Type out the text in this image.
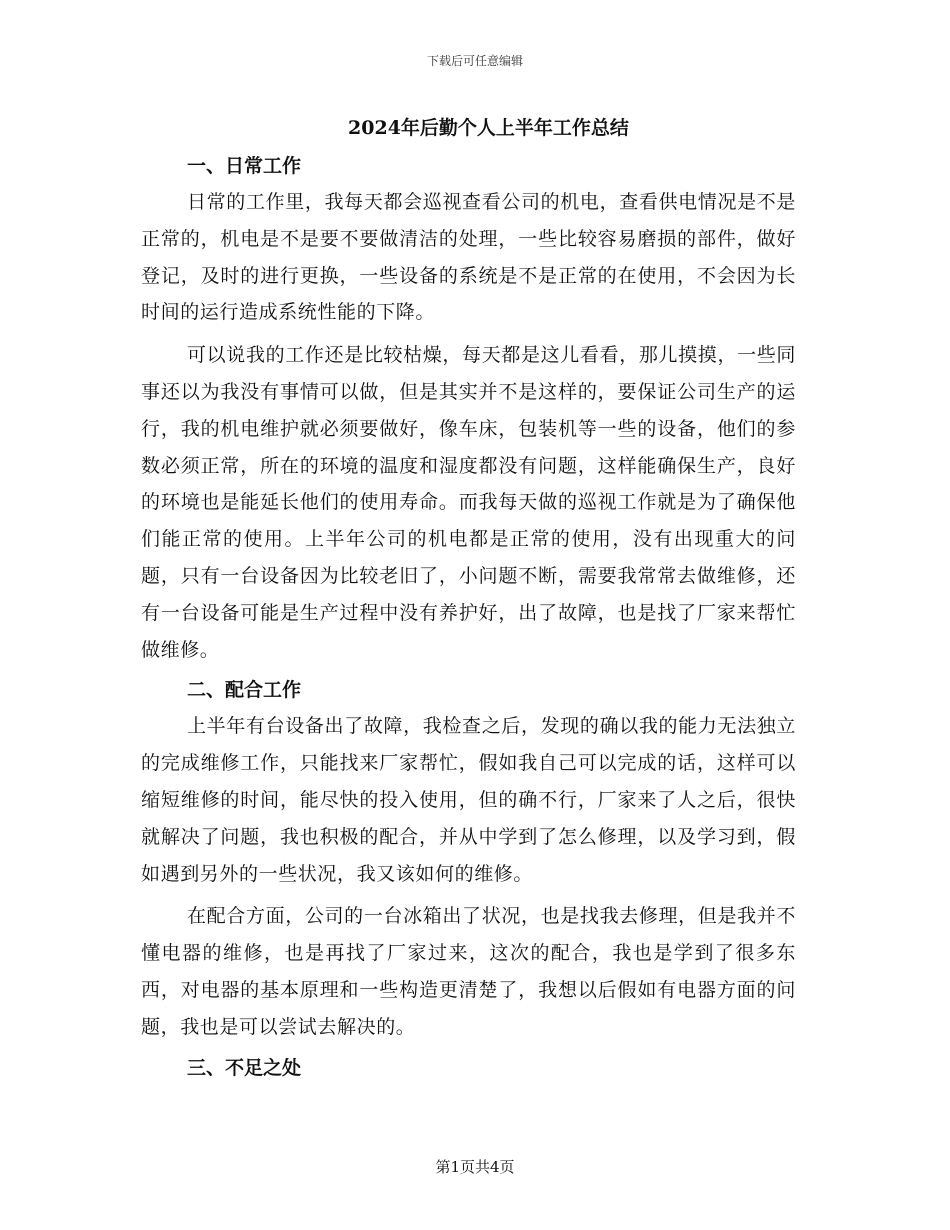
下载后可任意编辑
2024年后勤个人上半年工作总结
一、日常工作

日常的工作里，我每天都会巡视查看公司的机电，查看供电情况是不是正常的，机电是不是要不要做清洁的处理，一些比较容易磨损的部件，做好登记，及时的进行更换，一些设备的系统是不是正常的在使用，不会因为长时间的运行造成系统性能的下降。

可以说我的工作还是比较枯燥，每天都是这儿看看，那儿摸摸，一些同事还以为我没有事情可以做，但是其实并不是这样的，要保证公司生产的运行，我的机电维护就必须要做好，像车床，包装机等一些的设备，他们的参数必须正常，所在的环境的温度和湿度都没有问题，这样能确保生产，良好的环境也是能延长他们的使用寿命。而我每天做的巡视工作就是为了确保他们能正常的使用。上半年公司的机电都是正常的使用，没有出现重大的问题，只有一台设备因为比较老旧了，小问题不断，需要我常常去做维修，还有一台设备可能是生产过程中没有养护好，出了故障，也是找了厂家来帮忙做维修。

二、配合工作

上半年有台设备出了故障，我检查之后，发现的确以我的能力无法独立的完成维修工作，只能找来厂家帮忙，假如我自己可以完成的话，这样可以缩短维修的时间，能尽快的投入使用，但的确不行，厂家来了人之后，很快就解决了问题，我也积极的配合，并从中学到了怎么修理，以及学习到，假如遇到另外的一些状况，我又该如何的维修。

在配合方面，公司的一台冰箱出了状况，也是找我去修理，但是我并不懂电器的维修，也是再找了厂家过来，这次的配合，我也是学到了很多东西，对电器的基本原理和一些构造更清楚了，我想以后假如有电器方面的问题，我也是可以尝试去解决的。

三、不足之处
第1页共4页
